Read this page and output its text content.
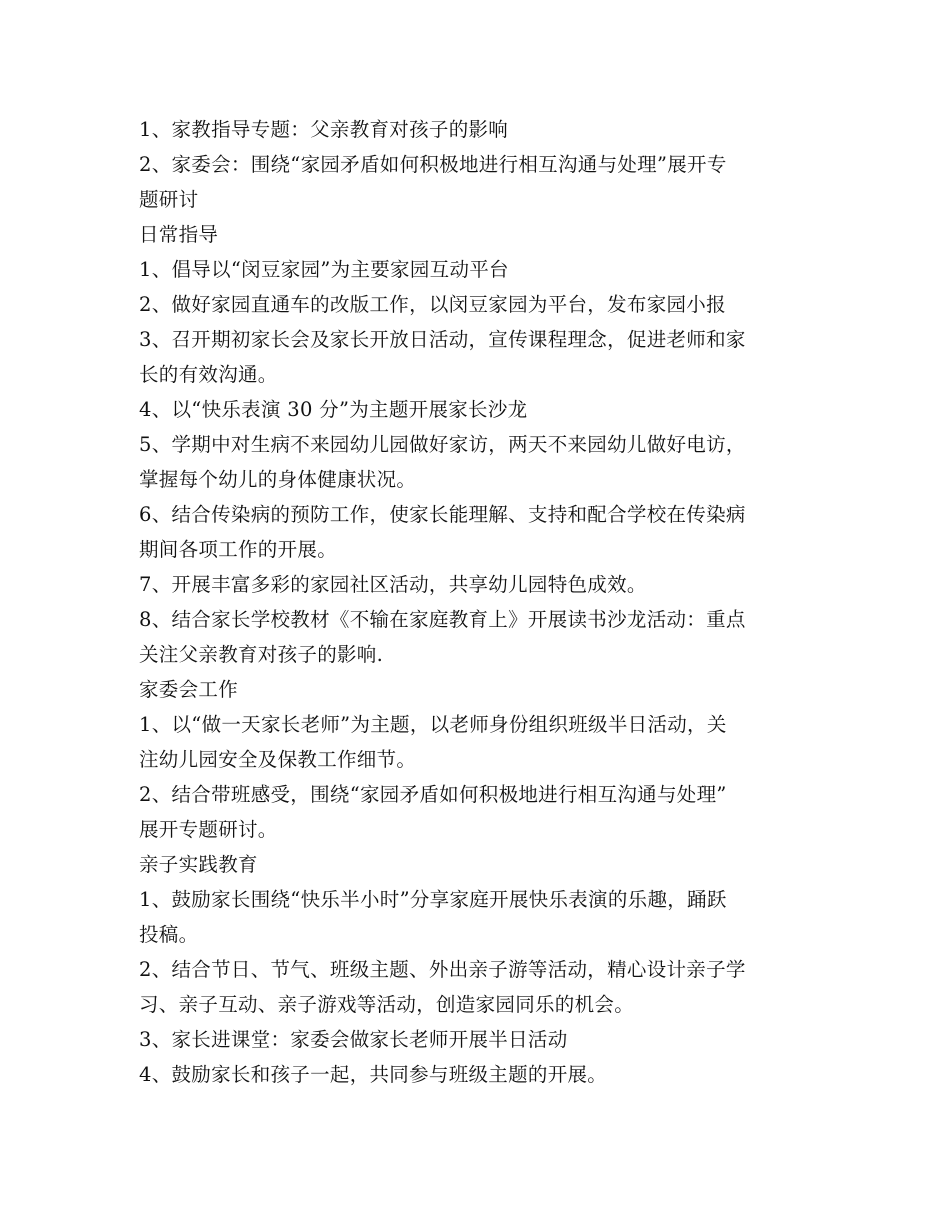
1、家教指导专题：父亲教育对孩子的影响
2、家委会：围绕“家园矛盾如何积极地进行相互沟通与处理”展开专
题研讨
日常指导
1、倡导以“闵豆家园”为主要家园互动平台
2、做好家园直通车的改版工作，以闵豆家园为平台，发布家园小报
3、召开期初家长会及家长开放日活动，宣传课程理念，促进老师和家
长的有效沟通。
4、以“快乐表演 30 分”为主题开展家长沙龙
5、学期中对生病不来园幼儿园做好家访，两天不来园幼儿做好电访，
掌握每个幼儿的身体健康状况。
6、结合传染病的预防工作，使家长能理解、支持和配合学校在传染病
期间各项工作的开展。
7、开展丰富多彩的家园社区活动，共享幼儿园特色成效。
8、结合家长学校教材《不输在家庭教育上》开展读书沙龙活动：重点
关注父亲教育对孩子的影响.
家委会工作
1、以“做一天家长老师”为主题，以老师身份组织班级半日活动，关
注幼儿园安全及保教工作细节。
2、结合带班感受，围绕“家园矛盾如何积极地进行相互沟通与处理”
展开专题研讨。
亲子实践教育
1、鼓励家长围绕“快乐半小时”分享家庭开展快乐表演的乐趣，踊跃
投稿。
2、结合节日、节气、班级主题、外出亲子游等活动，精心设计亲子学
习、亲子互动、亲子游戏等活动，创造家园同乐的机会。
3、家长进课堂：家委会做家长老师开展半日活动
4、鼓励家长和孩子一起，共同参与班级主题的开展。
